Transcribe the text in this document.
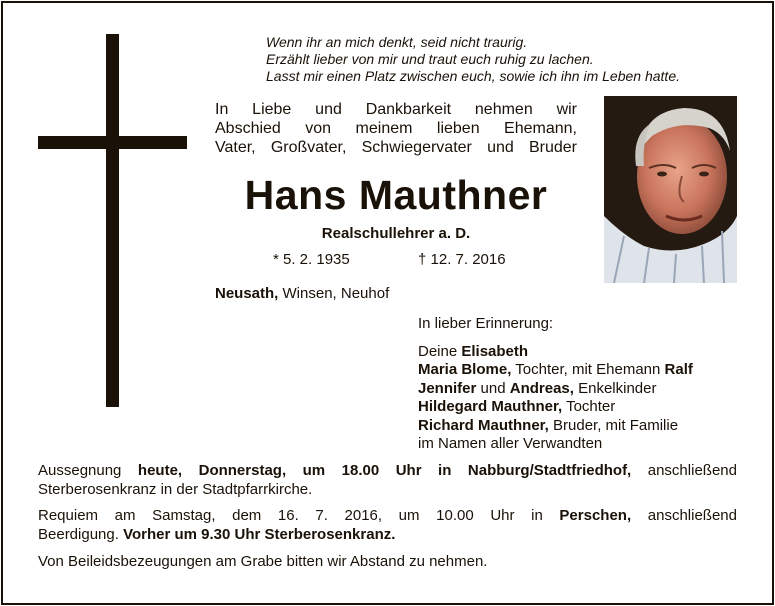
Wenn ihr an mich denkt, seid nicht traurig.
Erzählt lieber von mir und traut euch ruhig zu lachen.
Lasst mir einen Platz zwischen euch, sowie ich ihn im Leben hatte.
In Liebe und Dankbarkeit nehmen wir
Abschied von meinem lieben Ehemann,
Vater, Großvater, Schwiegervater und Bruder
Hans Mauthner
Realschullehrer a. D.
* 5. 2. 1935	† 12. 7. 2016
Neusath, Winsen, Neuhof
In lieber Erinnerung:
Deine Elisabeth
Maria Blome, Tochter, mit Ehemann Ralf
Jennifer und Andreas, Enkelkinder
Hildegard Mauthner, Tochter
Richard Mauthner, Bruder, mit Familie
im Namen aller Verwandten
Aussegnung heute, Donnerstag, um 18.00 Uhr in Nabburg/Stadtfriedhof, anschließend
Sterberosenkranz in der Stadtpfarrkirche.
Requiem am Samstag, dem 16. 7. 2016, um 10.00 Uhr in Perschen, anschließend
Beerdigung. Vorher um 9.30 Uhr Sterberosenkranz.
Von Beileidsbezeugungen am Grabe bitten wir Abstand zu nehmen.
